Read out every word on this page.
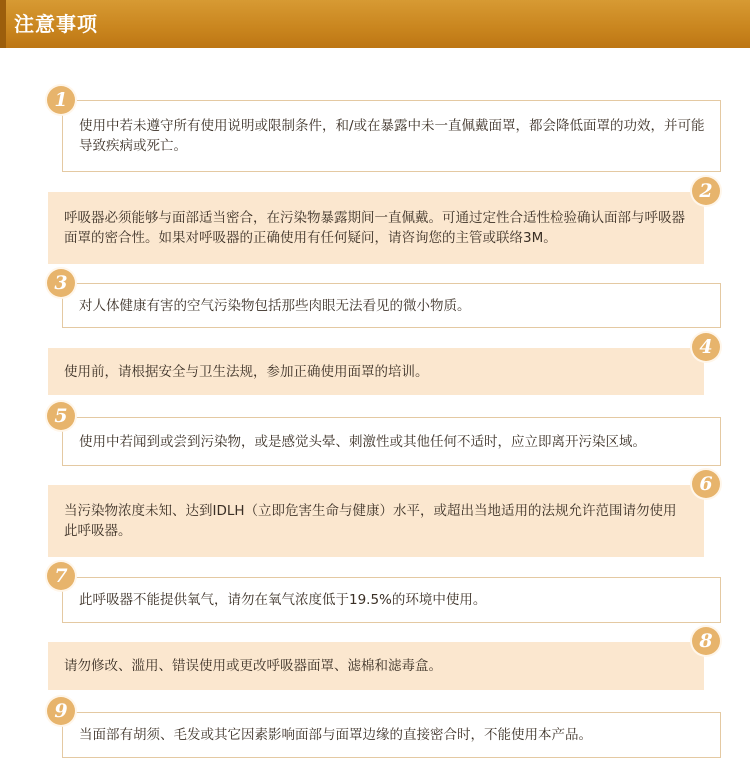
注意事项
使用中若未遵守所有使用说明或限制条件，和/或在暴露中未一直佩戴面罩，都会降低面罩的功效，并可能导致疾病或死亡。
1
呼吸器必须能够与面部适当密合，在污染物暴露期间一直佩戴。可通过定性合适性检验确认面部与呼吸器面罩的密合性。如果对呼吸器的正确使用有任何疑问，请咨询您的主管或联络3M。
2
对人体健康有害的空气污染物包括那些肉眼无法看见的微小物质。
3
使用前，请根据安全与卫生法规，参加正确使用面罩的培训。
4
使用中若闻到或尝到污染物，或是感觉头晕、刺激性或其他任何不适时，应立即离开污染区域。
5
当污染物浓度未知、达到IDLH（立即危害生命与健康）水平，或超出当地适用的法规允许范围请勿使用此呼吸器。
6
此呼吸器不能提供氧气，请勿在氧气浓度低于19.5%的环境中使用。
7
请勿修改、滥用、错误使用或更改呼吸器面罩、滤棉和滤毒盒。
8
当面部有胡须、毛发或其它因素影响面部与面罩边缘的直接密合时，不能使用本产品。
9
